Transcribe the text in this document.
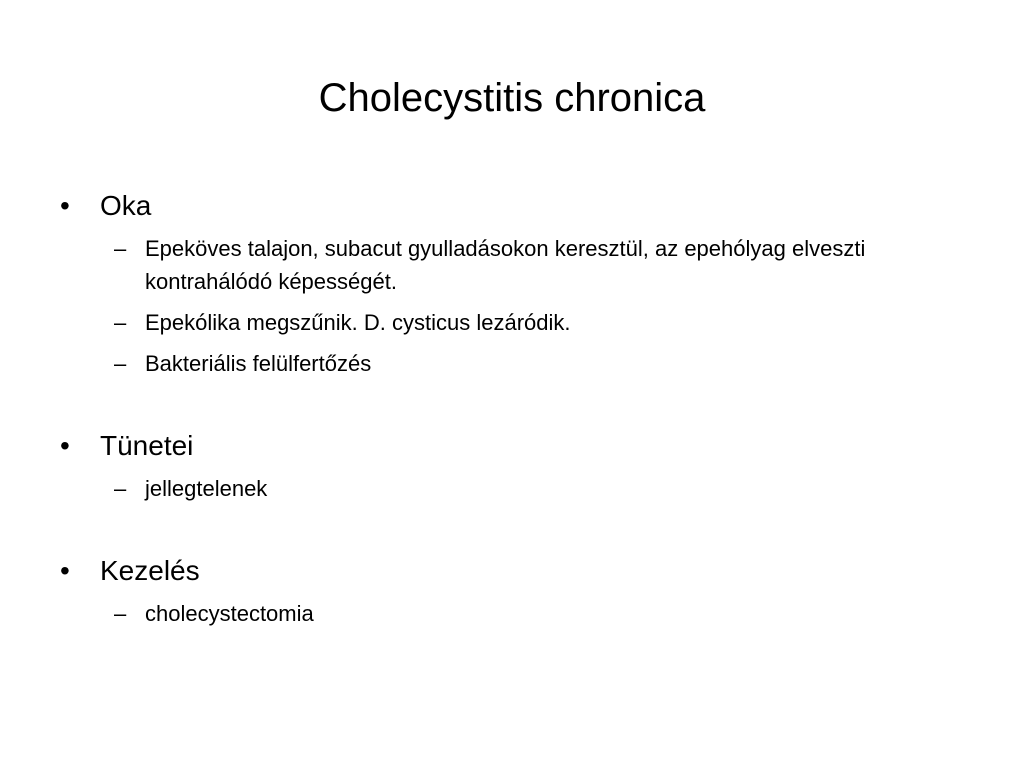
Cholecystitis chronica
•	Oka
– Epeköves talajon, subacut gyulladásokon keresztül, az epehólyag elveszti kontrahálódó képességét.
– Epekólika megszűnik. D. cysticus lezáródik.
– Bakteriális felülfertőzés
•	Tünetei
– jellegtelenek
•	Kezelés
– cholecystectomia
